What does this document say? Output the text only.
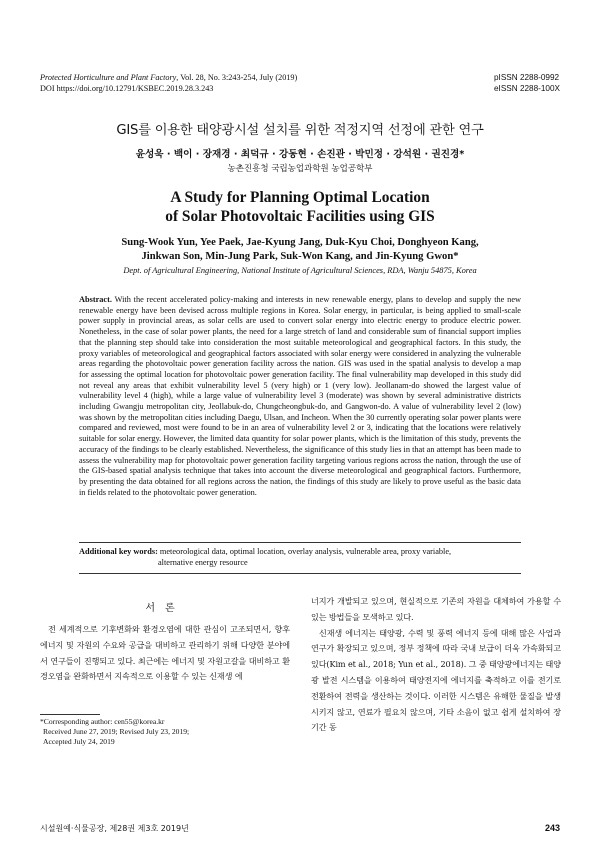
Protected Horticulture and Plant Factory, Vol. 28, No. 3:243-254, July (2019)
DOI https://doi.org/10.12791/KSBEC.2019.28.3.243
pISSN 2288-0992
eISSN 2288-100X
GIS를 이용한 태양광시설 설치를 위한 적정지역 선정에 관한 연구
윤성욱 · 백이 · 장재경 · 최덕규 · 강동현 · 손진관 · 박민정 · 강석원 · 권진경*
농촌진흥청 국립농업과학원 농업공학부
A Study for Planning Optimal Location
of Solar Photovoltaic Facilities using GIS
Sung-Wook Yun, Yee Paek, Jae-Kyung Jang, Duk-Kyu Choi, Donghyeon Kang,
Jinkwan Son, Min-Jung Park, Suk-Won Kang, and Jin-Kyung Gwon*
Dept. of Agricultural Engineering, National Institute of Agricultural Sciences, RDA, Wanju 54875, Korea
Abstract. With the recent accelerated policy-making and interests in new renewable energy, plans to develop and supply the new renewable energy have been devised across multiple regions in Korea. Solar energy, in particular, is being applied to small-scale power supply in provincial areas, as solar cells are used to convert solar energy into electric energy to produce electric power. Nonetheless, in the case of solar power plants, the need for a large stretch of land and considerable sum of financial support implies that the planning step should take into consideration the most suitable meteorological and geographical factors. In this study, the proxy variables of meteorological and geographical factors associated with solar energy were considered in analyzing the vulnerable areas regarding the photovoltaic power generation facility across the nation. GIS was used in the spatial analysis to develop a map for assessing the optimal location for photovoltaic power generation facility. The final vulnerability map developed in this study did not reveal any areas that exhibit vulnerability level 5 (very high) or 1 (very low). Jeollanam-do showed the largest value of vulnerability level 4 (high), while a large value of vulnerability level 3 (moderate) was shown by several administrative districts including Gwangju metropolitan city, Jeollabuk-do, Chungcheongbuk-do, and Gangwon-do. A value of vulnerability level 2 (low) was shown by the metropolitan cities including Daegu, Ulsan, and Incheon. When the 30 currently operating solar power plants were compared and reviewed, most were found to be in an area of vulnerability level 2 or 3, indicating that the locations were relatively suitable for solar energy. However, the limited data quantity for solar power plants, which is the limitation of this study, prevents the accuracy of the findings to be clearly established. Nevertheless, the significance of this study lies in that an attempt has been made to assess the vulnerability map for photovoltaic power generation facility targeting various regions across the nation, through the use of the GIS-based spatial analysis technique that takes into account the diverse meteorological and geographical factors. Furthermore, by presenting the data obtained for all regions across the nation, the findings of this study are likely to prove useful as the basic data in fields related to the photovoltaic power generation.
Additional key words: meteorological data, optimal location, overlay analysis, vulnerable area, proxy variable,
alternative energy resource
서론

전 세계적으로 기후변화와 환경오염에 대한 관심이 고조되면서, 향후 에너지 및 자원의 수요와 공급을 대비하고 관리하기 위해 다양한 분야에서 연구들이 진행되고 있다. 최근에는 에너지 및 자원고갈을 대비하고 환경오염을 완화하면서 지속적으로 이용할 수 있는 신재생 에

너지가 개발되고 있으며, 현실적으로 기존의 자원을 대체하여 가용할 수 있는 방법들을 모색하고 있다.

신재생 에너지는 태양광, 수력 및 풍력 에너지 등에 대해 많은 사업과 연구가 확장되고 있으며, 정부 정책에 따라 국내 보급이 더욱 가속화되고 있다(Kim et al., 2018; Yun et al., 2018). 그 중 태양광에너지는 태양광 발전 시스템을 이용하여 태양전지에 에너지를 축적하고 이를 전기로 전환하여 전력을 생산하는 것이다. 이러한 시스템은 유해한 물질을 발생시키지 않고, 연료가 필요치 않으며, 기타 소음이 없고 쉽게 설치하여 장기간 동

*Corresponding author: cen55@korea.kr
Received June 27, 2019; Revised July 23, 2019;
Accepted July 24, 2019
시설원예·식물공장, 제28권 제3호 2019년	243
